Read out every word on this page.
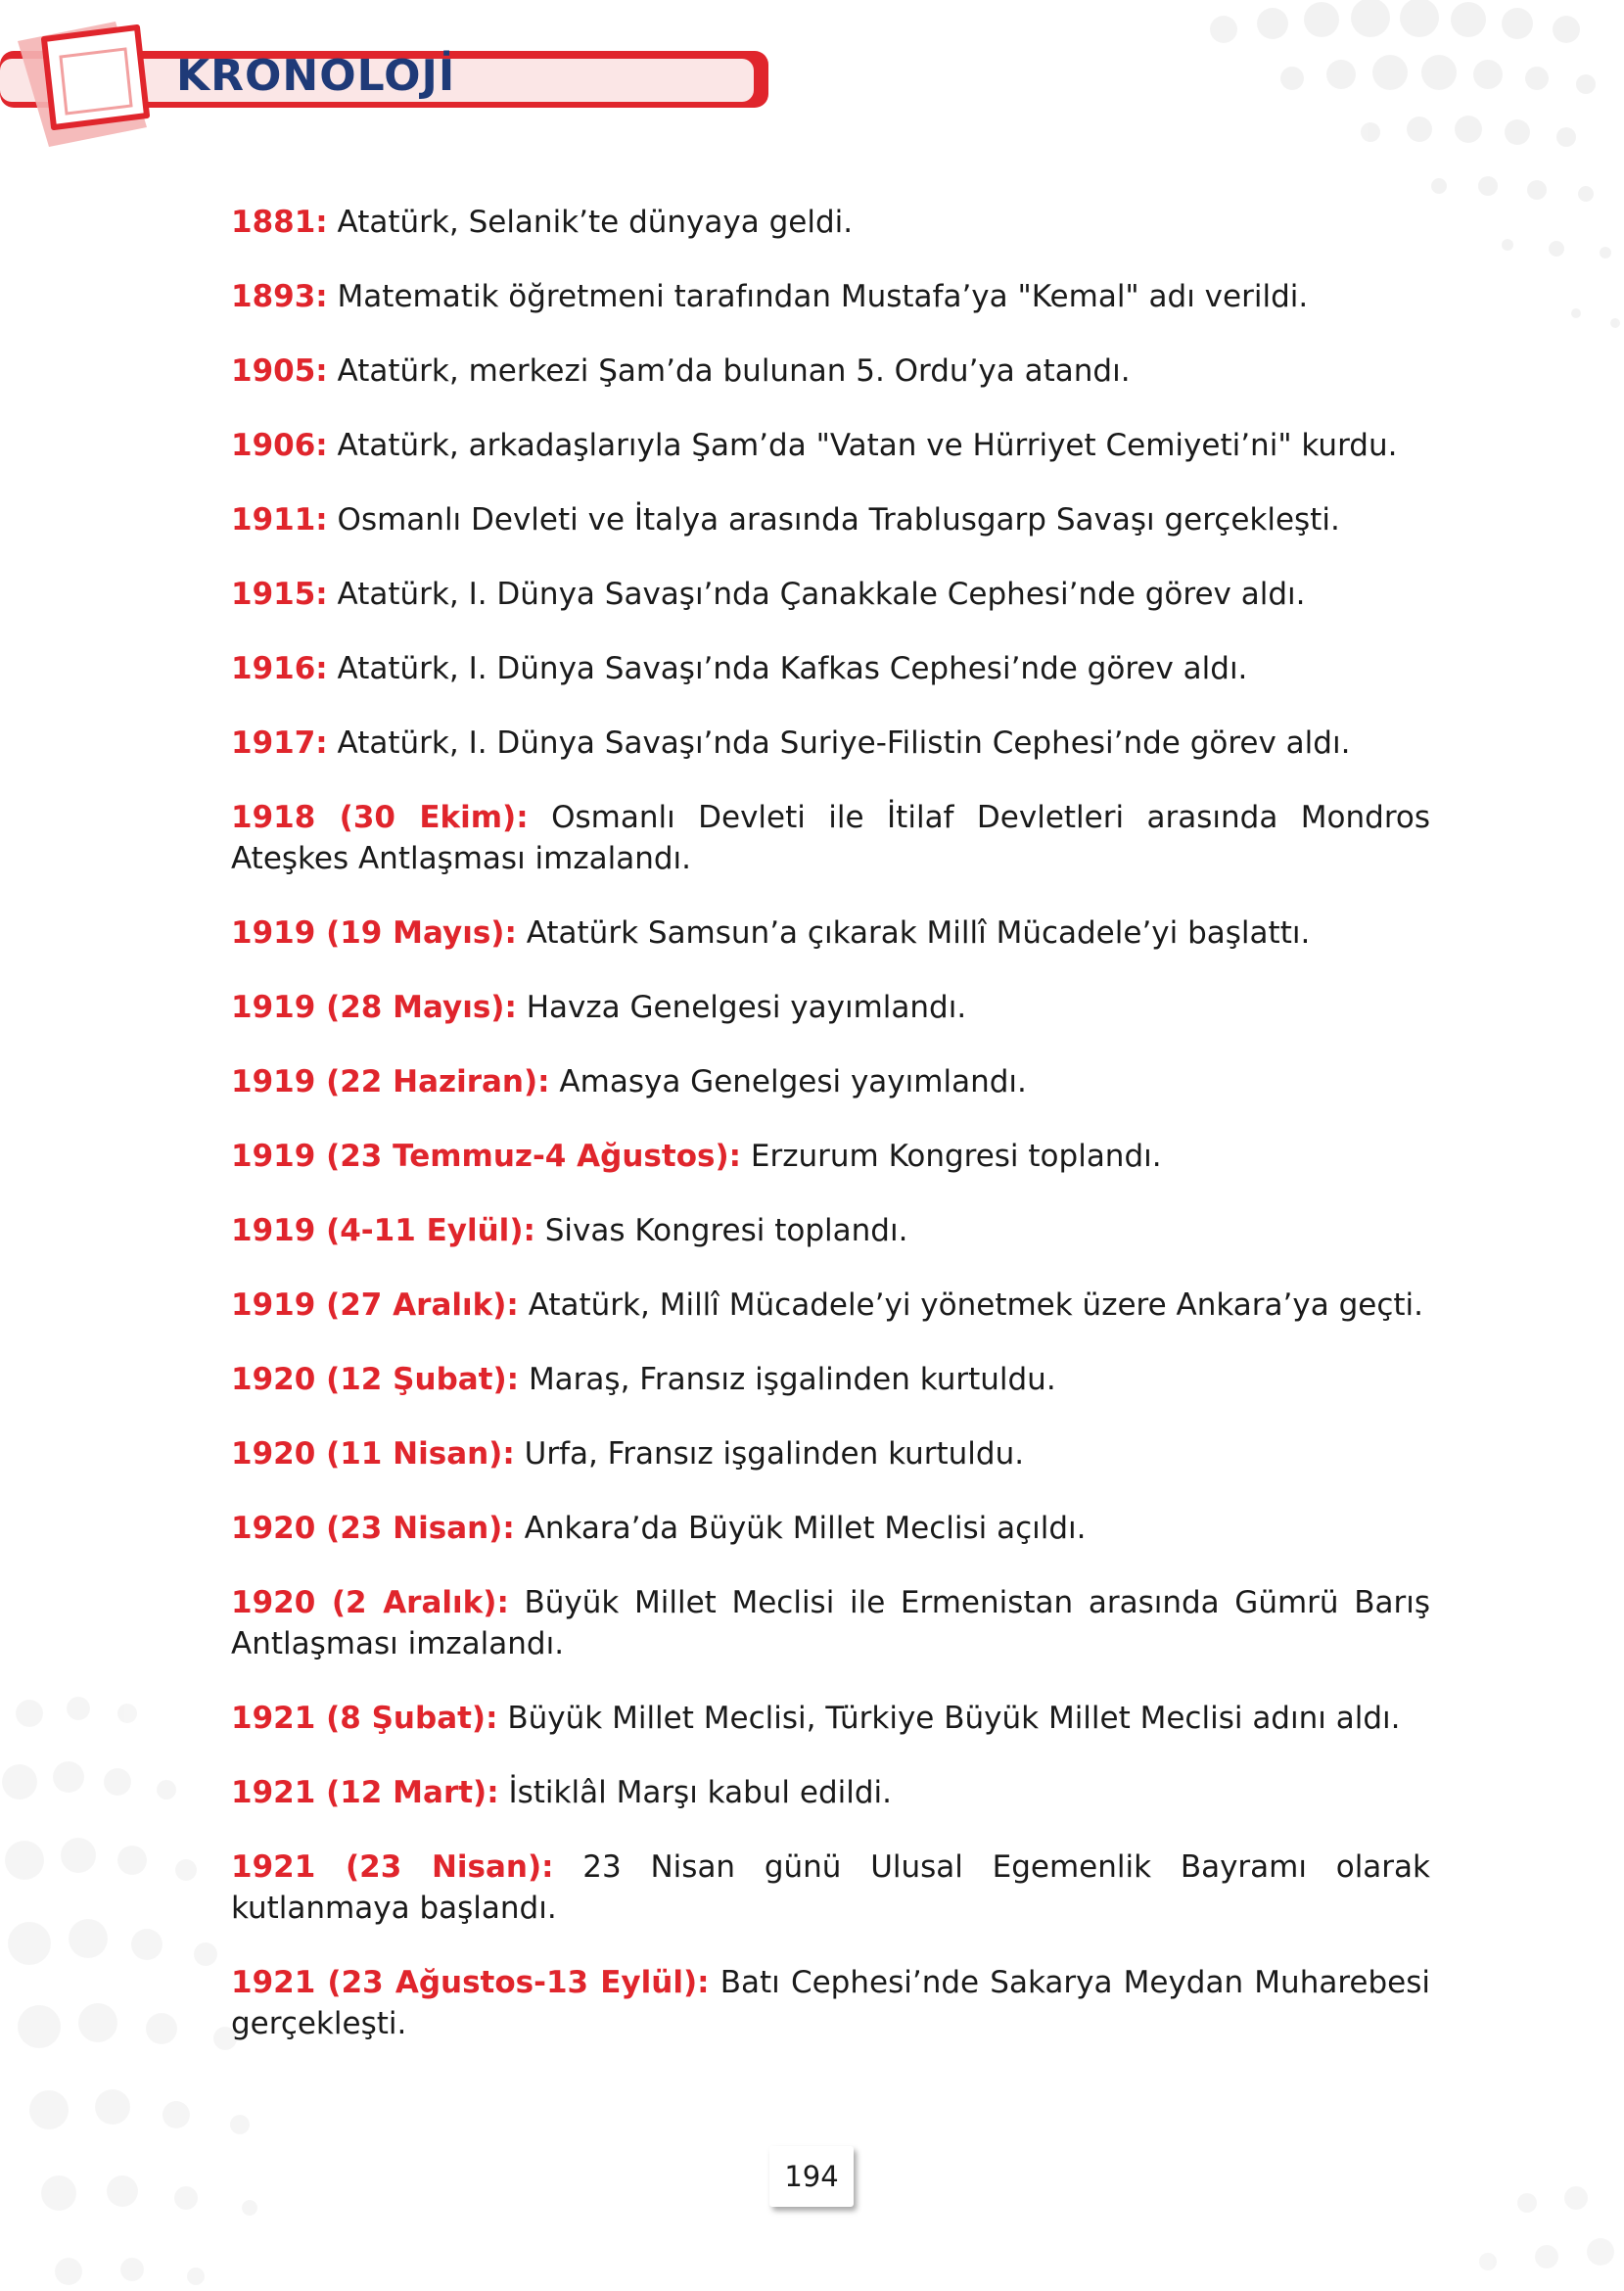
KRONOLOJİ

1881: Atatürk, Selanik’te dünyaya geldi.

1893: Matematik öğretmeni tarafından Mustafa’ya "Kemal" adı verildi.

1905: Atatürk, merkezi Şam’da bulunan 5. Ordu’ya atandı.

1906: Atatürk, arkadaşlarıyla Şam’da "Vatan ve Hürriyet Cemiyeti’ni" kurdu.

1911: Osmanlı Devleti ve İtalya arasında Trablusgarp Savaşı gerçekleşti.

1915: Atatürk, I. Dünya Savaşı’nda Çanakkale Cephesi’nde görev aldı.

1916: Atatürk, I. Dünya Savaşı’nda Kafkas Cephesi’nde görev aldı.

1917: Atatürk, I. Dünya Savaşı’nda Suriye-Filistin Cephesi’nde görev aldı.

1918 (30 Ekim): Osmanlı Devleti ile İtilaf Devletleri arasında Mondros Ateşkes Antlaşması imzalandı.

1919 (19 Mayıs): Atatürk Samsun’a çıkarak Millî Mücadele’yi başlattı.

1919 (28 Mayıs): Havza Genelgesi yayımlandı.

1919 (22 Haziran): Amasya Genelgesi yayımlandı.

1919 (23 Temmuz-4 Ağustos): Erzurum Kongresi toplandı.

1919 (4-11 Eylül): Sivas Kongresi toplandı.

1919 (27 Aralık): Atatürk, Millî Mücadele’yi yönetmek üzere Ankara’ya geçti.

1920 (12 Şubat): Maraş, Fransız işgalinden kurtuldu.

1920 (11 Nisan): Urfa, Fransız işgalinden kurtuldu.

1920 (23 Nisan): Ankara’da Büyük Millet Meclisi açıldı.

1920 (2 Aralık): Büyük Millet Meclisi ile Ermenistan arasında Gümrü Barış Antlaşması imzalandı.

1921 (8 Şubat): Büyük Millet Meclisi, Türkiye Büyük Millet Meclisi adını aldı.

1921 (12 Mart): İstiklâl Marşı kabul edildi.

1921 (23 Nisan): 23 Nisan günü Ulusal Egemenlik Bayramı olarak kutlanmaya başlandı.

1921 (23 Ağustos-13 Eylül): Batı Cephesi’nde Sakarya Meydan Muharebesi gerçekleşti.

194
